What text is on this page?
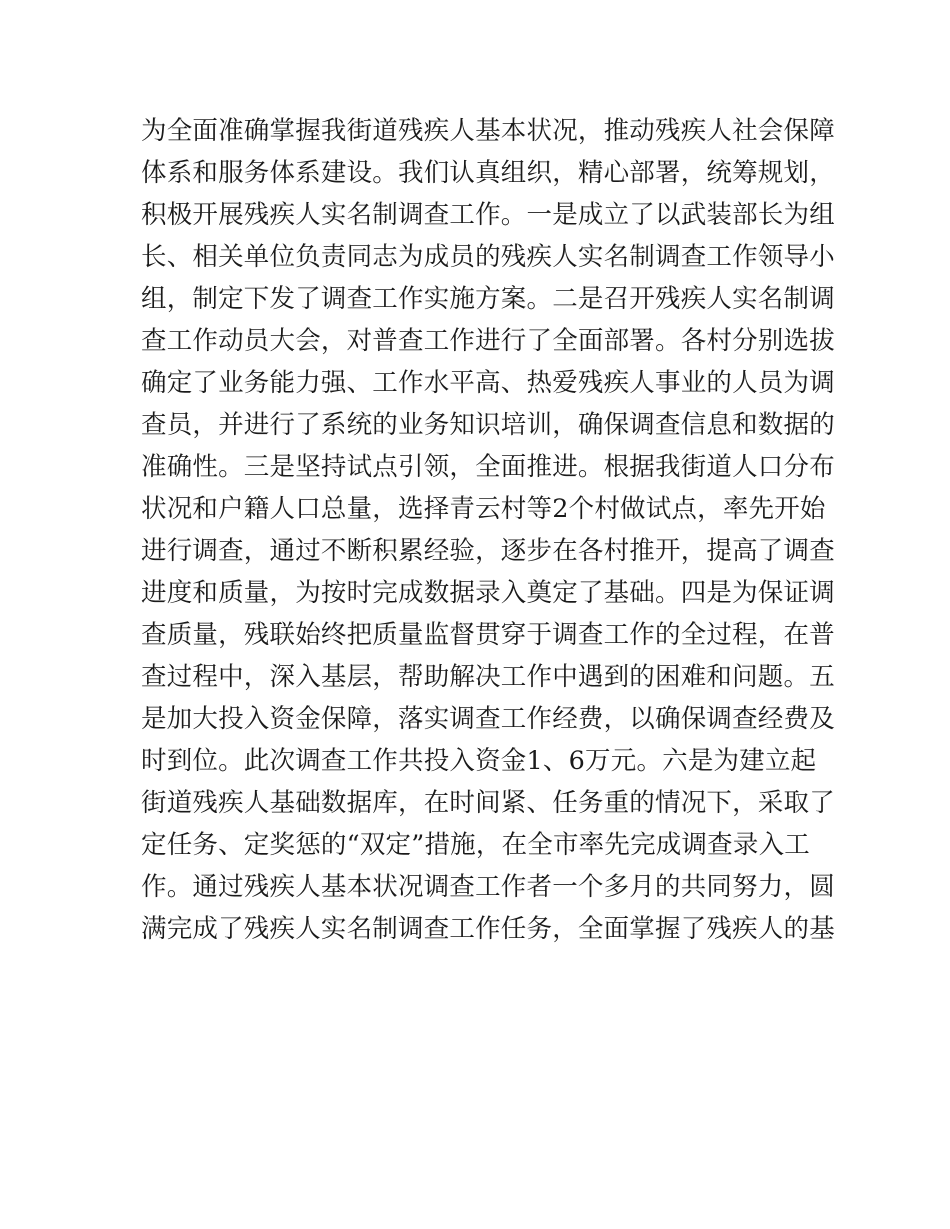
为全面准确掌握我街道残疾人基本状况，推动残疾人社会保障
体系和服务体系建设。我们认真组织，精心部署，统筹规划，
积极开展残疾人实名制调查工作。一是成立了以武装部长为组
长、相关单位负责同志为成员的残疾人实名制调查工作领导小
组，制定下发了调查工作实施方案。二是召开残疾人实名制调
查工作动员大会，对普查工作进行了全面部署。各村分别选拔
确定了业务能力强、工作水平高、热爱残疾人事业的人员为调
查员，并进行了系统的业务知识培训，确保调查信息和数据的
准确性。三是坚持试点引领，全面推进。根据我街道人口分布
状况和户籍人口总量，选择青云村等2个村做试点，率先开始
进行调查，通过不断积累经验，逐步在各村推开，提高了调查
进度和质量，为按时完成数据录入奠定了基础。四是为保证调
查质量，残联始终把质量监督贯穿于调查工作的全过程，在普
查过程中，深入基层，帮助解决工作中遇到的困难和问题。五
是加大投入资金保障，落实调查工作经费，以确保调查经费及
时到位。此次调查工作共投入资金1、6万元。六是为建立起
街道残疾人基础数据库，在时间紧、任务重的情况下，采取了
定任务、定奖惩的“双定”措施，在全市率先完成调查录入工
作。通过残疾人基本状况调查工作者一个多月的共同努力，圆
满完成了残疾人实名制调查工作任务，全面掌握了残疾人的基
